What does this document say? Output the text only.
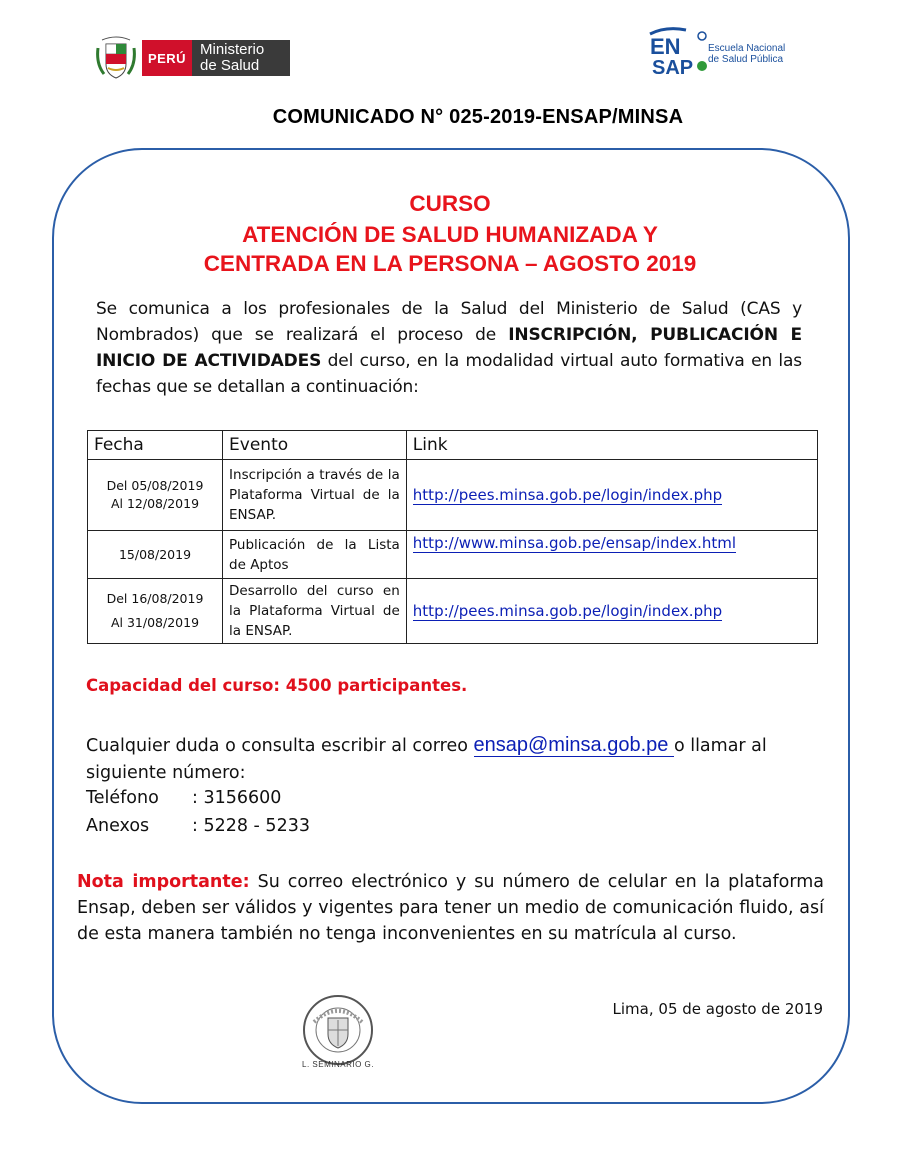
PERÚ Ministerio
de Salud
EN
SAP
Escuela Nacional
de Salud Pública
COMUNICADO N° 025-2019-ENSAP/MINSA
CURSO
ATENCIÓN DE SALUD HUMANIZADA Y
CENTRADA EN LA PERSONA – AGOSTO 2019
Se comunica a los profesionales de la Salud del Ministerio de Salud (CAS y Nombrados) que se realizará el proceso de INSCRIPCIÓN, PUBLICACIÓN E INICIO DE ACTIVIDADES del curso, en la modalidad virtual auto formativa en las fechas que se detallan a continuación:
Fecha	Evento	Link

Del 05/08/2019
Al 12/08/2019	Inscripción a través de la Plataforma Virtual de la ENSAP.	http://pees.minsa.gob.pe/login/index.php

15/08/2019	Publicación de la Lista de Aptos	http://www.minsa.gob.pe/ensap/index.html

Del 16/08/2019
Al 31/08/2019	Desarrollo del curso en la Plataforma Virtual de la ENSAP.	http://pees.minsa.gob.pe/login/index.php
Capacidad del curso: 4500 participantes.
Cualquier duda o consulta escribir al correo ensap@minsa.gob.pe o llamar al siguiente número:
Teléfono : 3156600
Anexos : 5228 - 5233
Nota importante: Su correo electrónico y su número de celular en la plataforma Ensap, deben ser válidos y vigentes para tener un medio de comunicación fluido, así de esta manera también no tenga inconvenientes en su matrícula al curso.
L. SEMINARIO G.
Lima, 05 de agosto de 2019
